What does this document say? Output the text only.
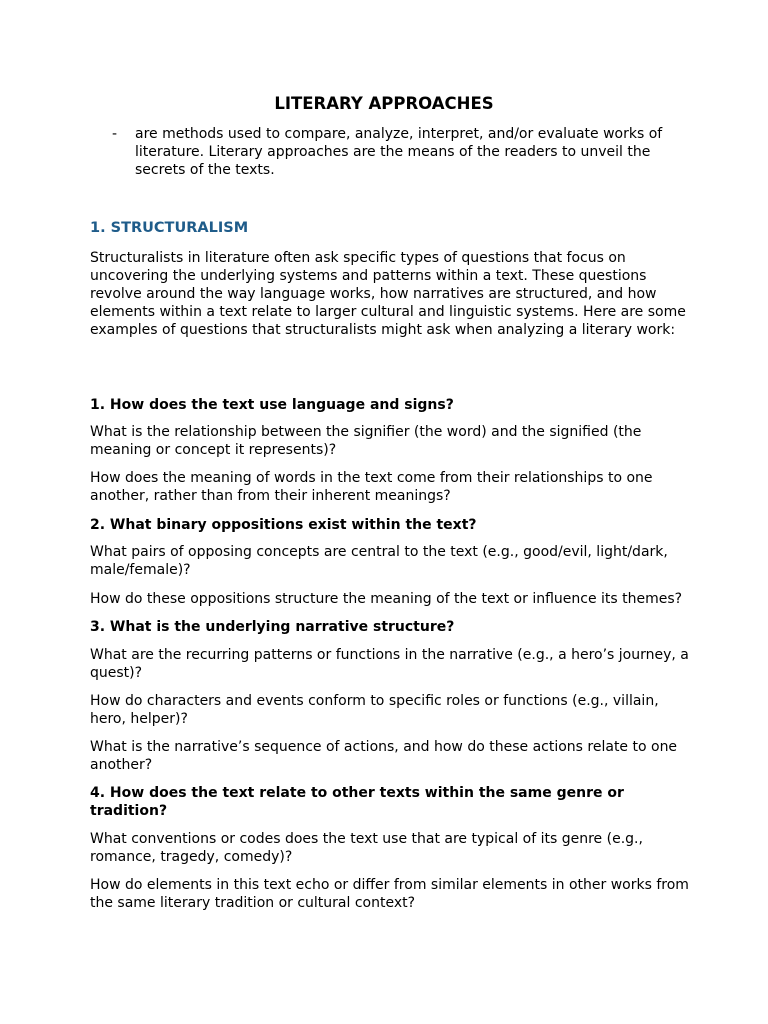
LITERARY APPROACHES
- are methods used to compare, analyze, interpret, and/or evaluate works of literature. Literary approaches are the means of the readers to unveil the secrets of the texts.
1. STRUCTURALISM
Structuralists in literature often ask specific types of questions that focus on uncovering the underlying systems and patterns within a text. These questions revolve around the way language works, how narratives are structured, and how elements within a text relate to larger cultural and linguistic systems. Here are some examples of questions that structuralists might ask when analyzing a literary work:
1. How does the text use language and signs?
What is the relationship between the signifier (the word) and the signified (the meaning or concept it represents)?
How does the meaning of words in the text come from their relationships to one another, rather than from their inherent meanings?
2. What binary oppositions exist within the text?
What pairs of opposing concepts are central to the text (e.g., good/evil, light/dark, male/female)?
How do these oppositions structure the meaning of the text or influence its themes?
3. What is the underlying narrative structure?
What are the recurring patterns or functions in the narrative (e.g., a hero’s journey, a quest)?
How do characters and events conform to specific roles or functions (e.g., villain, hero, helper)?
What is the narrative’s sequence of actions, and how do these actions relate to one another?
4. How does the text relate to other texts within the same genre or tradition?
What conventions or codes does the text use that are typical of its genre (e.g., romance, tragedy, comedy)?
How do elements in this text echo or differ from similar elements in other works from the same literary tradition or cultural context?
